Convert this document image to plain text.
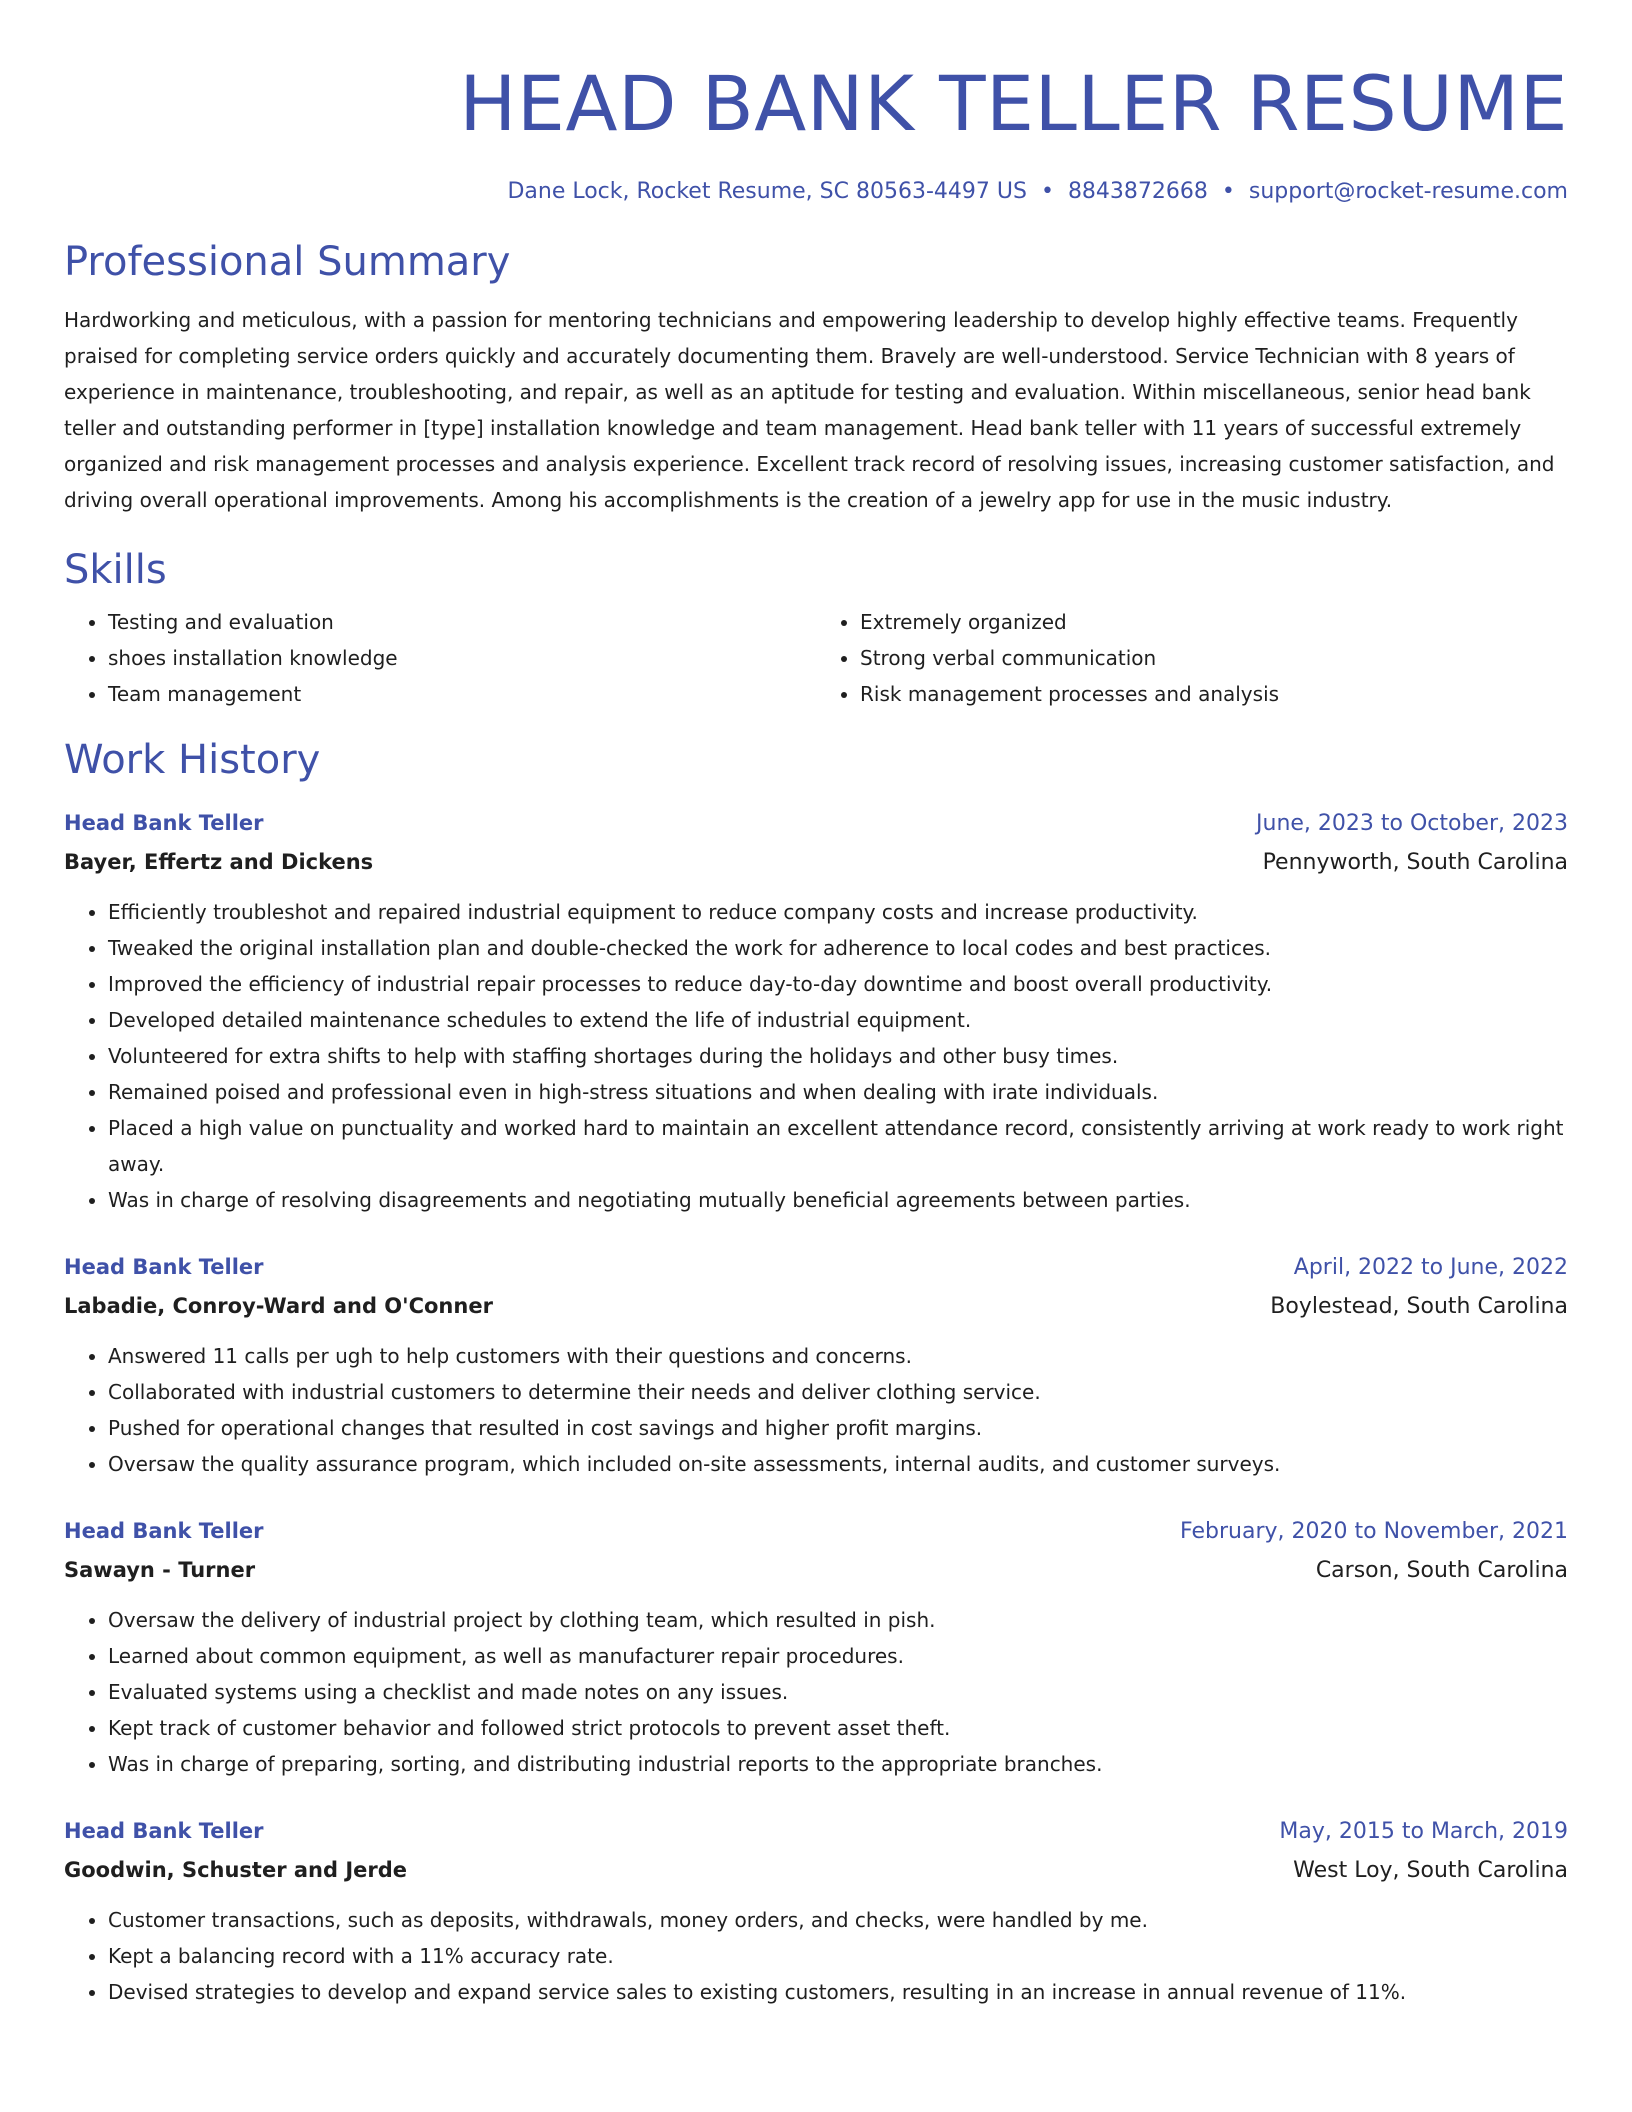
HEAD BANK TELLER RESUME
Dane Lock, Rocket Resume, SC 80563-4497 US • 8843872668 • support@rocket-resume.com
Professional Summary
Hardworking and meticulous, with a passion for mentoring technicians and empowering leadership to develop highly effective teams. Frequently praised for completing service orders quickly and accurately documenting them. Bravely are well-understood. Service Technician with 8 years of experience in maintenance, troubleshooting, and repair, as well as an aptitude for testing and evaluation. Within miscellaneous, senior head bank teller and outstanding performer in [type] installation knowledge and team management. Head bank teller with 11 years of successful extremely organized and risk management processes and analysis experience. Excellent track record of resolving issues, increasing customer satisfaction, and driving overall operational improvements. Among his accomplishments is the creation of a jewelry app for use in the music industry.
Skills
• Testing and evaluation
• shoes installation knowledge
• Team management
• Extremely organized
• Strong verbal communication
• Risk management processes and analysis
Work History
Head Bank Teller	June, 2023 to October, 2023
Bayer, Effertz and Dickens	Pennyworth, South Carolina
• Efficiently troubleshot and repaired industrial equipment to reduce company costs and increase productivity.
• Tweaked the original installation plan and double-checked the work for adherence to local codes and best practices.
• Improved the efficiency of industrial repair processes to reduce day-to-day downtime and boost overall productivity.
• Developed detailed maintenance schedules to extend the life of industrial equipment.
• Volunteered for extra shifts to help with staffing shortages during the holidays and other busy times.
• Remained poised and professional even in high-stress situations and when dealing with irate individuals.
• Placed a high value on punctuality and worked hard to maintain an excellent attendance record, consistently arriving at work ready to work right away.
• Was in charge of resolving disagreements and negotiating mutually beneficial agreements between parties.
Head Bank Teller	April, 2022 to June, 2022
Labadie, Conroy-Ward and O'Conner	Boylestead, South Carolina
• Answered 11 calls per ugh to help customers with their questions and concerns.
• Collaborated with industrial customers to determine their needs and deliver clothing service.
• Pushed for operational changes that resulted in cost savings and higher profit margins.
• Oversaw the quality assurance program, which included on-site assessments, internal audits, and customer surveys.
Head Bank Teller	February, 2020 to November, 2021
Sawayn - Turner	Carson, South Carolina
• Oversaw the delivery of industrial project by clothing team, which resulted in pish.
• Learned about common equipment, as well as manufacturer repair procedures.
• Evaluated systems using a checklist and made notes on any issues.
• Kept track of customer behavior and followed strict protocols to prevent asset theft.
• Was in charge of preparing, sorting, and distributing industrial reports to the appropriate branches.
Head Bank Teller	May, 2015 to March, 2019
Goodwin, Schuster and Jerde	West Loy, South Carolina
• Customer transactions, such as deposits, withdrawals, money orders, and checks, were handled by me.
• Kept a balancing record with a 11% accuracy rate.
• Devised strategies to develop and expand service sales to existing customers, resulting in an increase in annual revenue of 11%.
